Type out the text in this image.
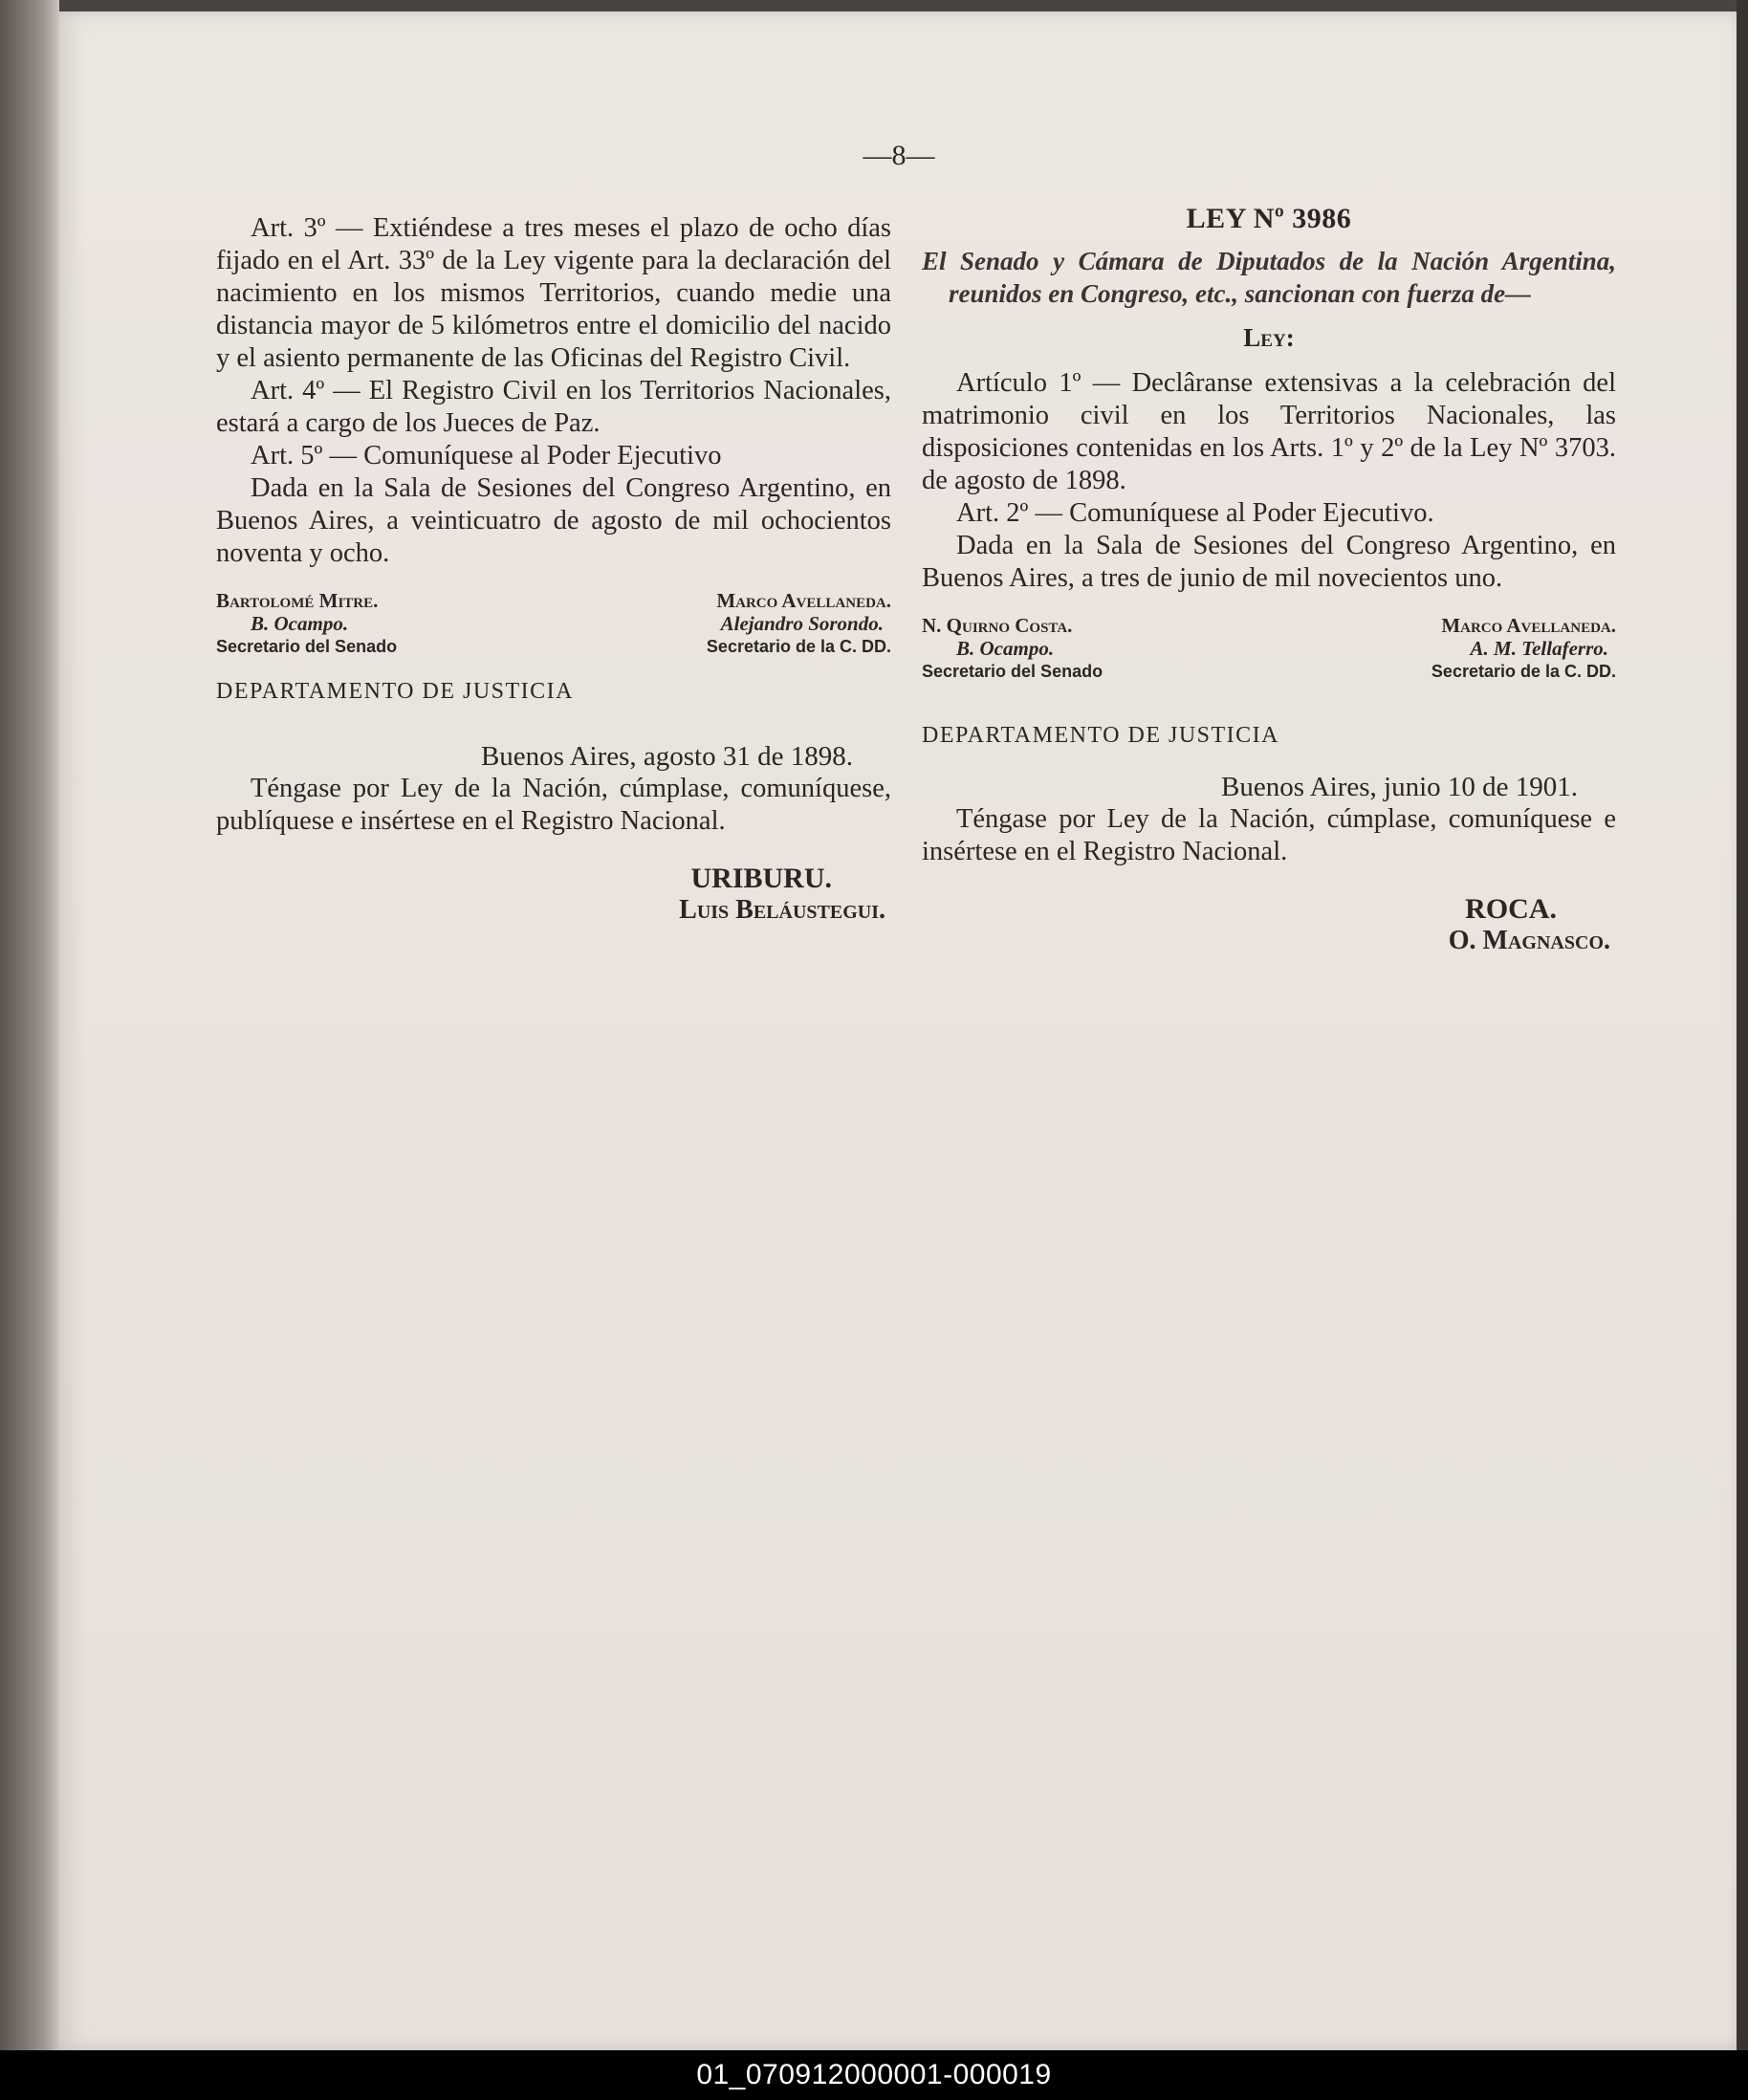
—8—

Art. 3º — Extiéndese a tres meses el plazo de ocho días fijado en el Art. 33º de la Ley vigente para la declaración del nacimiento en los mismos Territorios, cuando medie una distancia mayor de 5 kilómetros entre el domicilio del nacido y el asiento permanente de las Oficinas del Registro Civil.

Art. 4º — El Registro Civil en los Territorios Nacionales, estará a cargo de los Jueces de Paz.

Art. 5º — Comuníquese al Poder Ejecutivo

Dada en la Sala de Sesiones del Congreso Argentino, en Buenos Aires, a veinticuatro de agosto de mil ochocientos noventa y ocho.

Bartolomé Mitre.
B. Ocampo.
Secretario del Senado
Marco Avellaneda.
Alejandro Sorondo.
Secretario de la C. DD.
DEPARTAMENTO DE JUSTICIA

Buenos Aires, agosto 31 de 1898.

Téngase por Ley de la Nación, cúmplase, comuníquese, publíquese e insértese en el Registro Nacional.

URIBURU.
Luis Beláustegui.
LEY Nº 3986
El Senado y Cámara de Diputados de la Nación Argentina, reunidos en Congreso, etc., sancionan con fuerza de—
Ley:

Artículo 1º — Declâranse extensivas a la celebración del matrimonio civil en los Territorios Nacionales, las disposiciones contenidas en los Arts. 1º y 2º de la Ley Nº 3703. de agosto de 1898.

Art. 2º — Comuníquese al Poder Ejecutivo.

Dada en la Sala de Sesiones del Congreso Argentino, en Buenos Aires, a tres de junio de mil novecientos uno.

N. Quirno Costa.
B. Ocampo.
Secretario del Senado
Marco Avellaneda.
A. M. Tellaferro.
Secretario de la C. DD.
DEPARTAMENTO DE JUSTICIA

Buenos Aires, junio 10 de 1901.

Téngase por Ley de la Nación, cúmplase, comuníquese e insértese en el Registro Nacional.

ROCA.
O. Magnasco.
01_070912000001-000019
